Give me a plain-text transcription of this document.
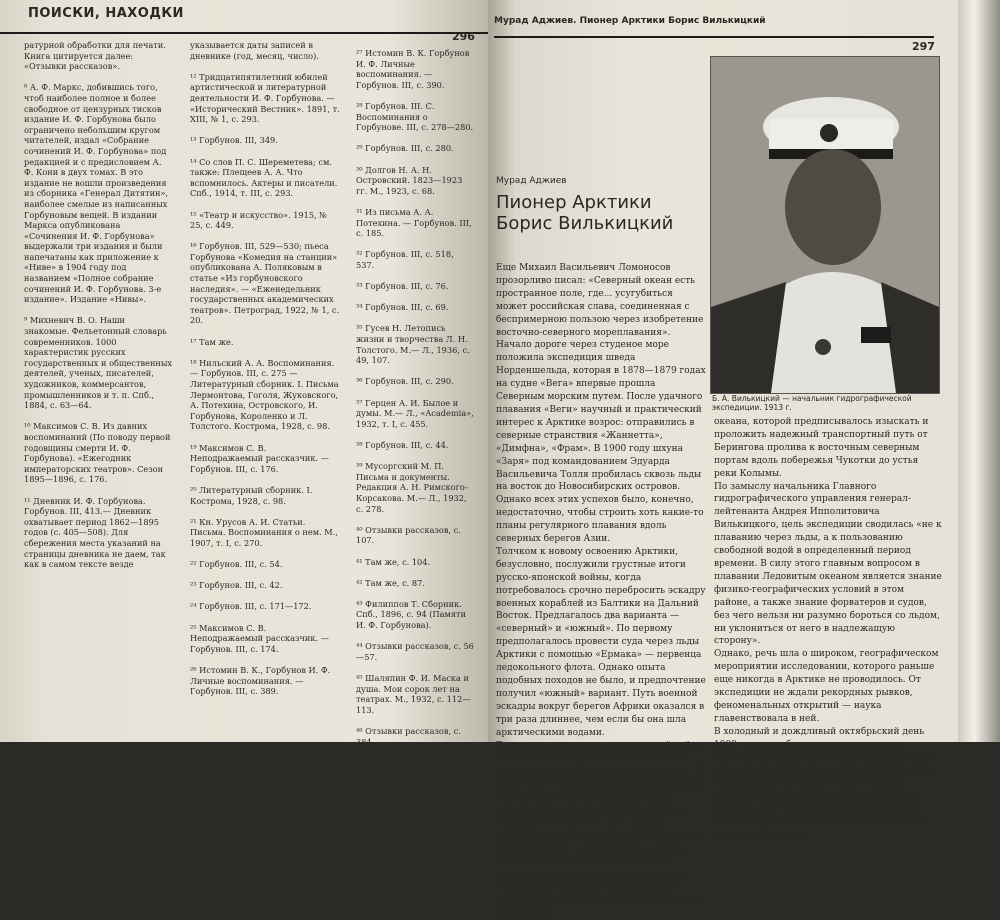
ПОИСКИ, НАХОДКИ
296
ратурной обработки для печати. Книга цитируется далее: «Отзывки рассказов».

⁸ А. Ф. Маркс, добившись того, чтоб наиболее полное и более свободное от цензурных тисков издание И. Ф. Горбунова было ограничено небольшим кругом читателей, издал «Собрание сочинений И. Ф. Горбунова» под редакцией и с предисловием А. Ф. Кони в двух томах. В это издание не вошли произведения из сборника «Генерал Дитятин», наиболее смелые из написанных Горбуновым вещей. В издании Маркса опубликована «Сочинения И. Ф. Горбунова» выдержали три издания и были напечатаны как приложение к «Ниве» в 1904 году под названием «Полное собрание сочинений И. Ф. Горбунова. 3-е издание». Издание «Нивы».

⁹ Михневич В. О. Наши знакомые. Фельетонный словарь современников. 1000 характеристик русских государственных и общественных деятелей, ученых, писателей, художников, коммерсантов, промышленников и т. п. Спб., 1884, с. 63—64.

¹⁰ Максимов С. В. Из давних воспоминаний (По поводу первой годовщины смерти И. Ф. Горбунова). «Ежегодник императорских театров». Сезон 1895—1896, с. 176.

¹¹ Дневник И. Ф. Горбунова. Горбунов. III, 413.— Дневник охватывает период 1862—1895 годов (с. 405—508). Для сбережения места указаний на страницы дневника не даем, так как в самом тексте везде
указывается даты записей в дневнике (год, месяц, число).

¹² Тридцатипятилетний юбилей артистической и литературной деятельности И. Ф. Горбунова. — «Исторический Вестник». 1891, т. XIII, № 1, с. 293.

¹³ Горбунов. III, 349.

¹⁴ Со слов П. С. Шереметева; см. также: Плещеев А. А. Что вспомнилось. Актеры и писатели. Спб., 1914, т. III, с. 293.

¹⁵ «Театр и искусство». 1915, № 25, с. 449.

¹⁶ Горбунов. III, 529—530; пьеса Горбунова «Комедия на станции» опубликована А. Поляковым в статье «Из горбуновского наследия». — «Еженедельник государственных академических театров». Петроград, 1922, № 1, с. 20.

¹⁷ Там же.

¹⁸ Нильский А. А. Воспоминания. — Горбунов. III, с. 275 — Литературный сборник. I. Письма Лермонтова, Гоголя, Жуковского, А. Потехина, Островского, И. Горбунова, Короленко и Л. Толстого. Кострома, 1928, с. 98.

¹⁹ Максимов С. В. Неподражаемый рассказчик. — Горбунов. III, с. 176.

²⁰ Литературный сборник. I. Кострома, 1928, с. 98.

²¹ Кн. Урусов А. И. Статьи. Письма. Воспоминания о нем. М., 1907, т. I, с. 270.

²² Горбунов. III, с. 54.

²³ Горбунов. III, с. 42.

²⁴ Горбунов. III, с. 171—172.

²⁵ Максимов С. В. Неподражаемый рассказчик. — Горбунов. III, с. 174.

²⁶ Истомин В. К., Горбунов И. Ф. Личные воспоминания. — Горбунов. III, с. 389.
²⁷ Истомин В. К. Горбунов И. Ф. Личные воспоминания. — Горбунов. III, с. 390.

²⁸ Горбунов. III. С. Воспоминания о Горбунове. III, с. 278—280.

²⁹ Горбунов. III, с. 280.

³⁰ Долгов Н. А. Н. Островский. 1823—1923 гг. М., 1923, с. 68.

³¹ Из письма А. А. Потехина. — Горбунов. III, с. 185.

³² Горбунов. III, с. 518, 537.

³³ Горбунов. III, с. 76.

³⁴ Горбунов. III, с. 69.

³⁵ Гусев Н. Летопись жизни и творчества Л. Н. Толстого. М.— Л., 1936, с. 49, 107.

³⁶ Горбунов. III, с. 290.

³⁷ Герцен А. И. Былое и думы. М.— Л., «Academia», 1932, т. I, с. 455.

³⁸ Горбунов. III, с. 44.

³⁹ Мусоргский М. П. Письма и документы. Редакция А. Н. Римского-Корсакова. М.— Л., 1932, с. 278.

⁴⁰ Отзывки рассказов, с. 107.

⁴¹ Там же, с. 104.

⁴² Там же, с. 87.

⁴³ Филиппов Т. Сборник. Спб., 1896, с. 94 (Памяти И. Ф. Горбунова).

⁴⁴ Отзывки рассказов, с. 56—57.

⁴⁵ Шаляпин Ф. И. Маска и душа. Мои сорок лет на театрах. М., 1932, с. 112—113.

⁴⁶ Отзывки рассказов, с. 384.
Мурад Аджиев. Пионер Арктики Борис Вилькицкий
297
Б. А. Вилькицкий — начальник гидрографической экспедиции. 1913 г.
Мурад Аджиев
Пионер Арктики Борис Вилькицкий
Еще Михаил Васильевич Ломоносов прозорливо писал: «Северный океан есть пространное поле, где... усугубиться может российская слава, соединенная с беспримерною пользою через изобретение восточно-северного мореплавания».
Начало дороге через студеное море положила экспедиция шведа Норденшельда, которая в 1878—1879 годах на судне «Вега» впервые прошла Северным морским путем. После удачного плавания «Веги» научный и практический интерес к Арктике возрос: отправились в северные странствия «Жаннетта», «Димфна», «Фрам». В 1900 году шхуна «Заря» под командованием Эдуарда Васильевича Толля пробилась сквозь льды на восток до Новосибирских островов.
Однако всех этих успехов было, конечно, недостаточно, чтобы строить хоть какие-то планы регулярного плавания вдоль северных берегов Азии.
Толчком к новому освоению Арктики, безусловно, послужили грустные итоги русско-японской войны, когда потребовалось срочно перебросить эскадру военных кораблей из Балтики на Дальний Восток. Предлагалось два варианта — «северный» и «южный». По первому предполагалось провести суда через льды Арктики с помощью «Ермака» — первенца ледокольного флота. Однако опыта подобных походов не было, и предпочтение получил «южный» вариант. Путь военной эскадры вокруг берегов Африки оказался в три раза длиннее, чем если бы она шла арктическими водами.
Трагические уроки русско-японской войны заставили российское правительство по-новому оценить Северный морской путь. В 1908—1909 годах на судоверфях Балтики в короткие сроки были построены два одинаковых ледокольных транспорта — «Таймыр» и «Вайгач». Они, правда, отличались весьма скромными размерами. Но зато особая — обтекаемая — форма корпуса, напоминавшая гигантскую скорлупу, позволяла преодолевать льды.
«Таймыр» и «Вайгач» снарядили для гидрографической экспедиции Северного Ледовитого
океана, которой предписывалось изыскать и проложить надежный транспортный путь от Берингова пролива к восточным северным портам вдоль побережья Чукотки до устья реки Колымы.
По замыслу начальника Главного гидрографического управления генерал-лейтенанта Андрея Ипполитовича Вилькицкого, цель экспедиции сводилась «не к плаванию через льды, а к пользованию свободной водой в определенный период времени. В силу этого главным вопросом в плавании Ледовитым океаном является знание физико-географических условий в этом районе, а также знание форватеров и судов, без чего нельзя ни разумно бороться со льдом, ни уклониться от него в надлежащую сторону».
Однако, речь шла о широком, географическом мероприятии исследовании, которого раньше еще никогда в Арктике не проводилось. От экспедиции не ждали рекордных рывков, феноменальных открытий — наука главенствовала в ней.
В холодный и дождливый октябрьский день 1909 года корабли под командованием капитана 3-го ранга И. С. Сергеева отошли от причалов Кронштадта и через Суэцкий канал направились к Владивостоку — городу, ставшему базой экспедиции. Более восьми месяцев шли тяжелые ледоколы в жарких южных морях, чтобы встретиться со льдами Арктики. И только
